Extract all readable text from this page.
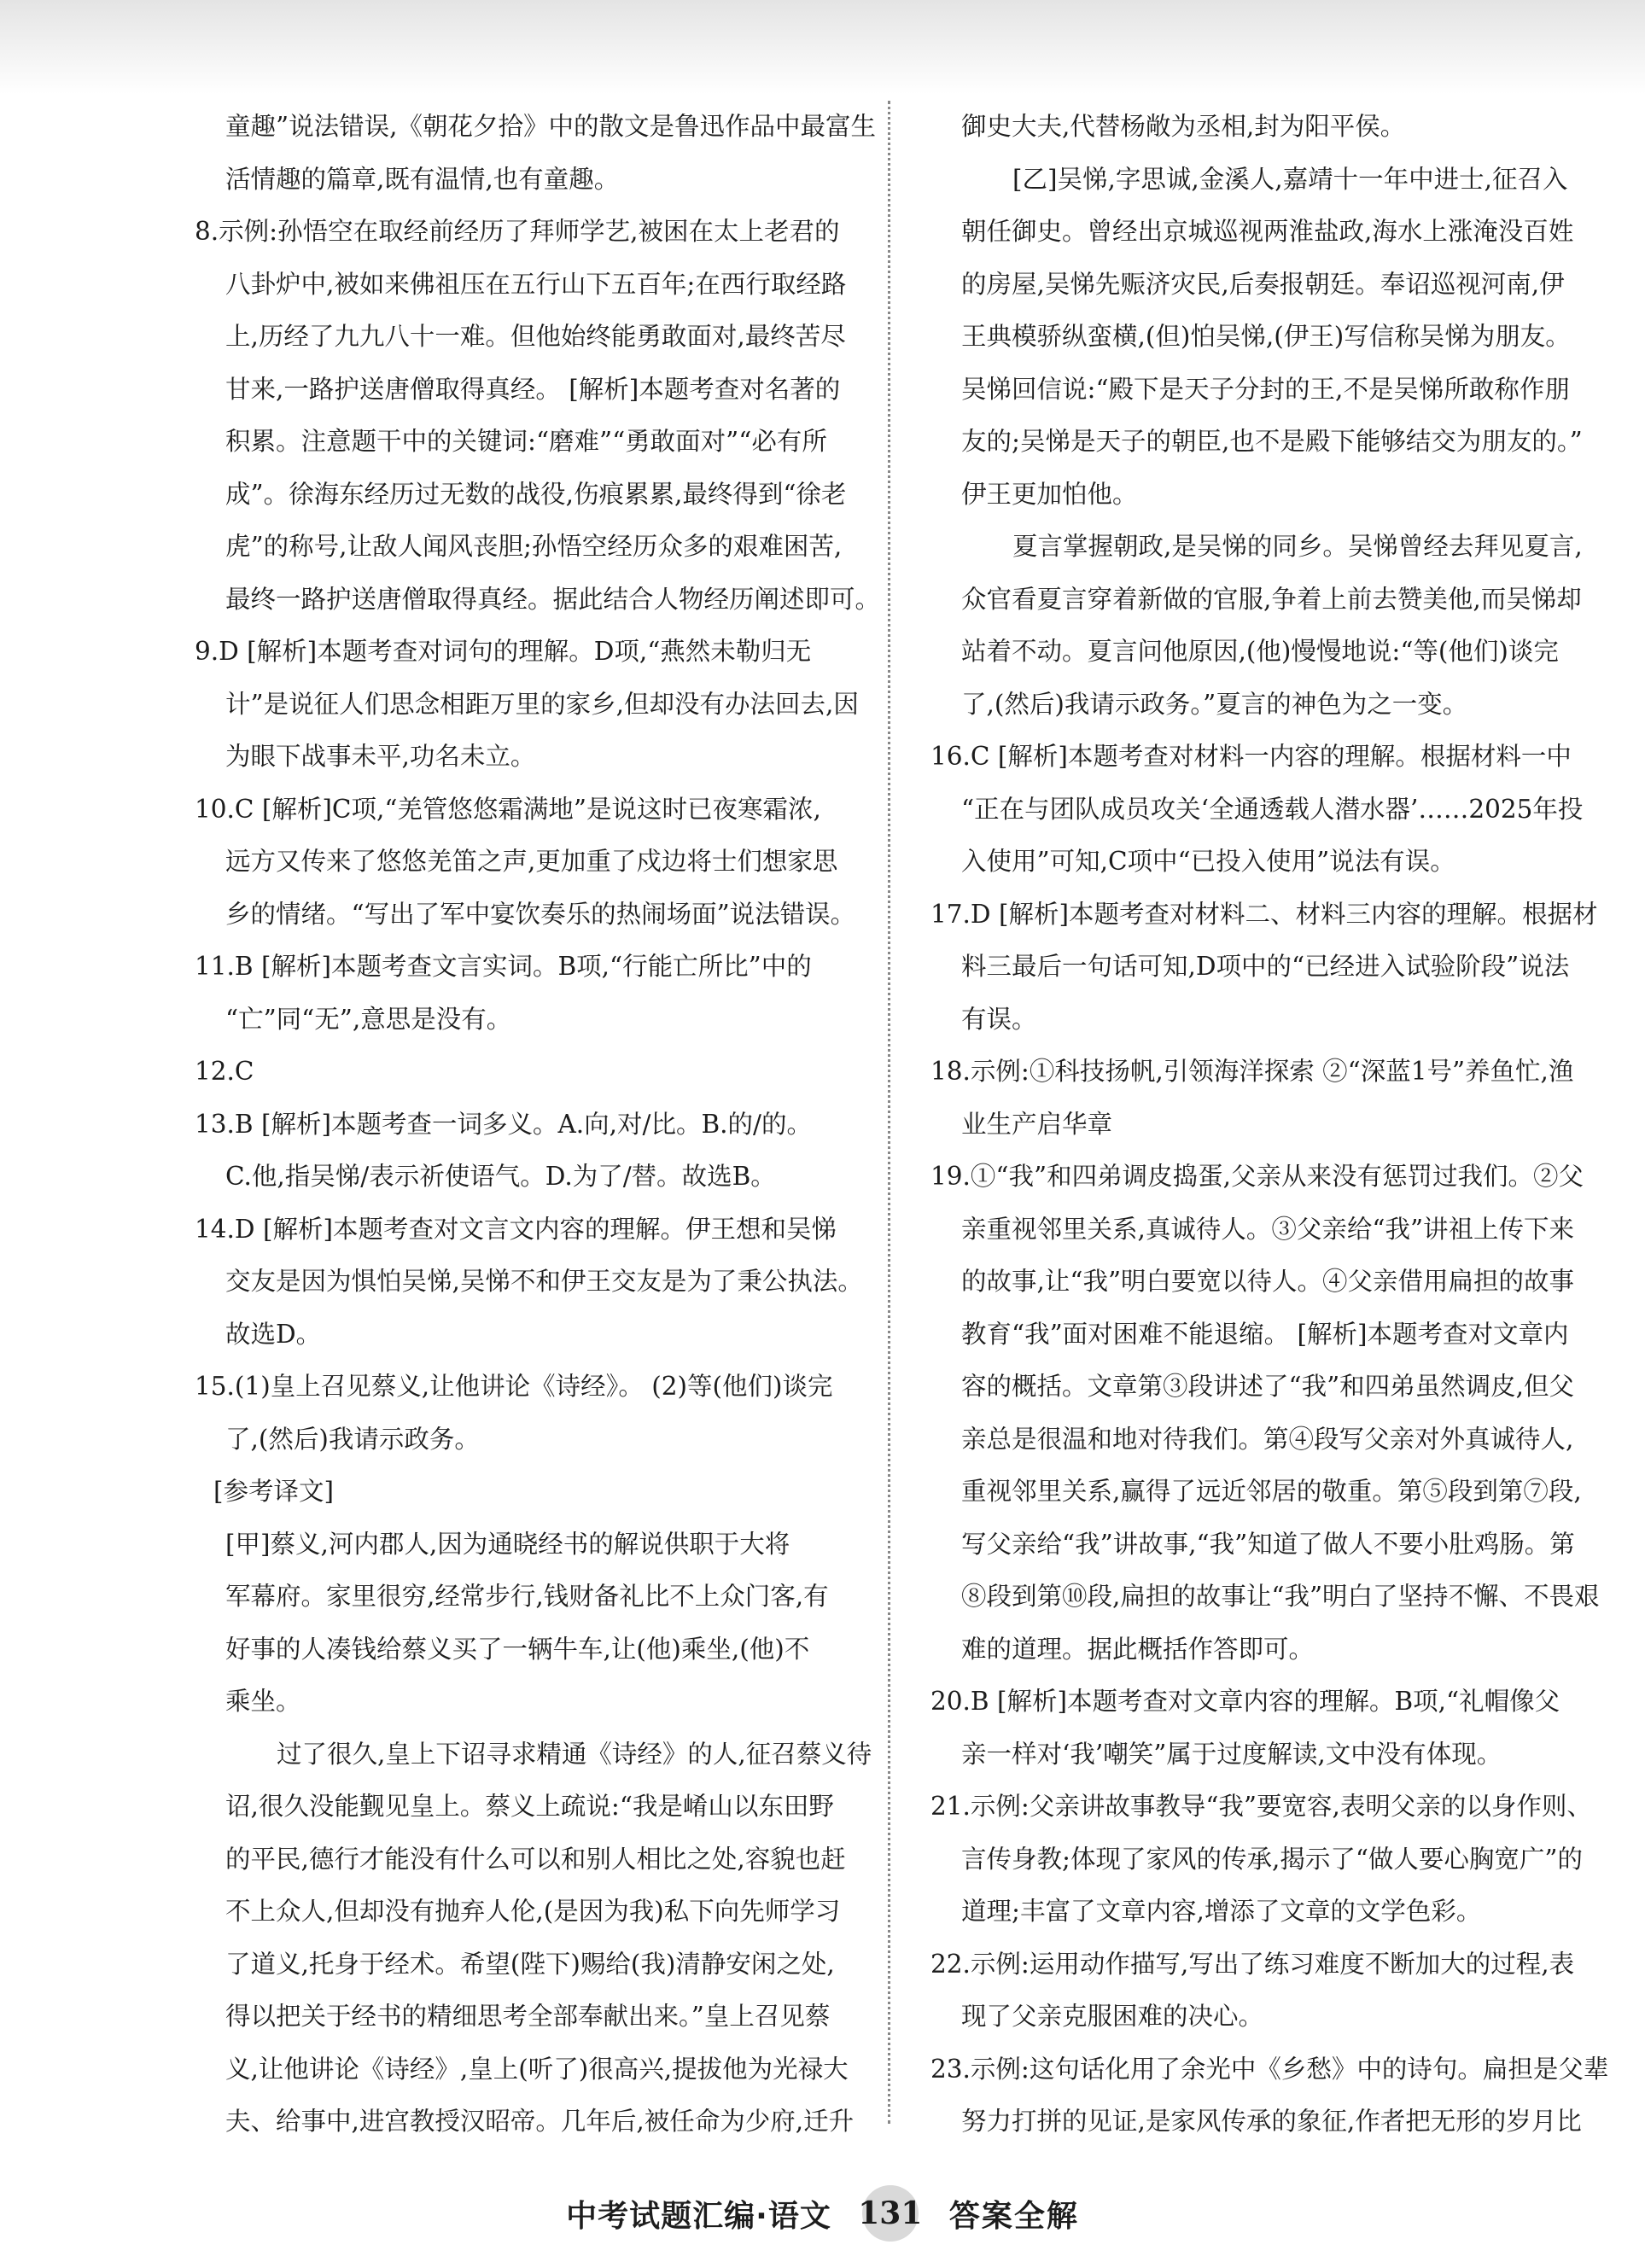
童趣”说法错误,《朝花夕拾》中的散文是鲁迅作品中最富生
活情趣的篇章,既有温情,也有童趣。
8.示例:孙悟空在取经前经历了拜师学艺,被困在太上老君的
八卦炉中,被如来佛祖压在五行山下五百年;在西行取经路
上,历经了九九八十一难。但他始终能勇敢面对,最终苦尽
甘来,一路护送唐僧取得真经。 [解析]本题考查对名著的
积累。注意题干中的关键词:“磨难”“勇敢面对”“必有所
成”。徐海东经历过无数的战役,伤痕累累,最终得到“徐老
虎”的称号,让敌人闻风丧胆;孙悟空经历众多的艰难困苦,
最终一路护送唐僧取得真经。据此结合人物经历阐述即可。
9.D [解析]本题考查对词句的理解。D项,“燕然未勒归无
计”是说征人们思念相距万里的家乡,但却没有办法回去,因
为眼下战事未平,功名未立。
10.C [解析]C项,“羌管悠悠霜满地”是说这时已夜寒霜浓,
远方又传来了悠悠羌笛之声,更加重了戍边将士们想家思
乡的情绪。“写出了军中宴饮奏乐的热闹场面”说法错误。
11.B [解析]本题考查文言实词。B项,“行能亡所比”中的
“亡”同“无”,意思是没有。
12.C
13.B [解析]本题考查一词多义。A.向,对/比。B.的/的。
C.他,指吴悌/表示祈使语气。D.为了/替。故选B。
14.D [解析]本题考查对文言文内容的理解。伊王想和吴悌
交友是因为惧怕吴悌,吴悌不和伊王交友是为了秉公执法。
故选D。
15.(1)皇上召见蔡义,让他讲论《诗经》。 (2)等(他们)谈完
了,(然后)我请示政务。
[参考译文]
[甲]蔡义,河内郡人,因为通晓经书的解说供职于大将
军幕府。家里很穷,经常步行,钱财备礼比不上众门客,有
好事的人凑钱给蔡义买了一辆牛车,让(他)乘坐,(他)不
乘坐。
过了很久,皇上下诏寻求精通《诗经》的人,征召蔡义待
诏,很久没能觐见皇上。蔡义上疏说:“我是崤山以东田野
的平民,德行才能没有什么可以和别人相比之处,容貌也赶
不上众人,但却没有抛弃人伦,(是因为我)私下向先师学习
了道义,托身于经术。希望(陛下)赐给(我)清静安闲之处,
得以把关于经书的精细思考全部奉献出来。”皇上召见蔡
义,让他讲论《诗经》,皇上(听了)很高兴,提拔他为光禄大
夫、给事中,进宫教授汉昭帝。几年后,被任命为少府,迁升
御史大夫,代替杨敞为丞相,封为阳平侯。
[乙]吴悌,字思诚,金溪人,嘉靖十一年中进士,征召入
朝任御史。曾经出京城巡视两淮盐政,海水上涨淹没百姓
的房屋,吴悌先赈济灾民,后奏报朝廷。奉诏巡视河南,伊
王典模骄纵蛮横,(但)怕吴悌,(伊王)写信称吴悌为朋友。
吴悌回信说:“殿下是天子分封的王,不是吴悌所敢称作朋
友的;吴悌是天子的朝臣,也不是殿下能够结交为朋友的。”
伊王更加怕他。
夏言掌握朝政,是吴悌的同乡。吴悌曾经去拜见夏言,
众官看夏言穿着新做的官服,争着上前去赞美他,而吴悌却
站着不动。夏言问他原因,(他)慢慢地说:“等(他们)谈完
了,(然后)我请示政务。”夏言的神色为之一变。
16.C [解析]本题考查对材料一内容的理解。根据材料一中
“正在与团队成员攻关‘全通透载人潜水器’……2025年投
入使用”可知,C项中“已投入使用”说法有误。
17.D [解析]本题考查对材料二、材料三内容的理解。根据材
料三最后一句话可知,D项中的“已经进入试验阶段”说法
有误。
18.示例:①科技扬帆,引领海洋探索 ②“深蓝1号”养鱼忙,渔
业生产启华章
19.①“我”和四弟调皮捣蛋,父亲从来没有惩罚过我们。②父
亲重视邻里关系,真诚待人。③父亲给“我”讲祖上传下来
的故事,让“我”明白要宽以待人。④父亲借用扁担的故事
教育“我”面对困难不能退缩。 [解析]本题考查对文章内
容的概括。文章第③段讲述了“我”和四弟虽然调皮,但父
亲总是很温和地对待我们。第④段写父亲对外真诚待人,
重视邻里关系,赢得了远近邻居的敬重。第⑤段到第⑦段,
写父亲给“我”讲故事,“我”知道了做人不要小肚鸡肠。第
⑧段到第⑩段,扁担的故事让“我”明白了坚持不懈、不畏艰
难的道理。据此概括作答即可。
20.B [解析]本题考查对文章内容的理解。B项,“礼帽像父
亲一样对‘我’嘲笑”属于过度解读,文中没有体现。
21.示例:父亲讲故事教导“我”要宽容,表明父亲的以身作则、
言传身教;体现了家风的传承,揭示了“做人要心胸宽广”的
道理;丰富了文章内容,增添了文章的文学色彩。
22.示例:运用动作描写,写出了练习难度不断加大的过程,表
现了父亲克服困难的决心。
23.示例:这句话化用了余光中《乡愁》中的诗句。扁担是父辈
努力打拼的见证,是家风传承的象征,作者把无形的岁月比
中考试题汇编·语文 131 答案全解
